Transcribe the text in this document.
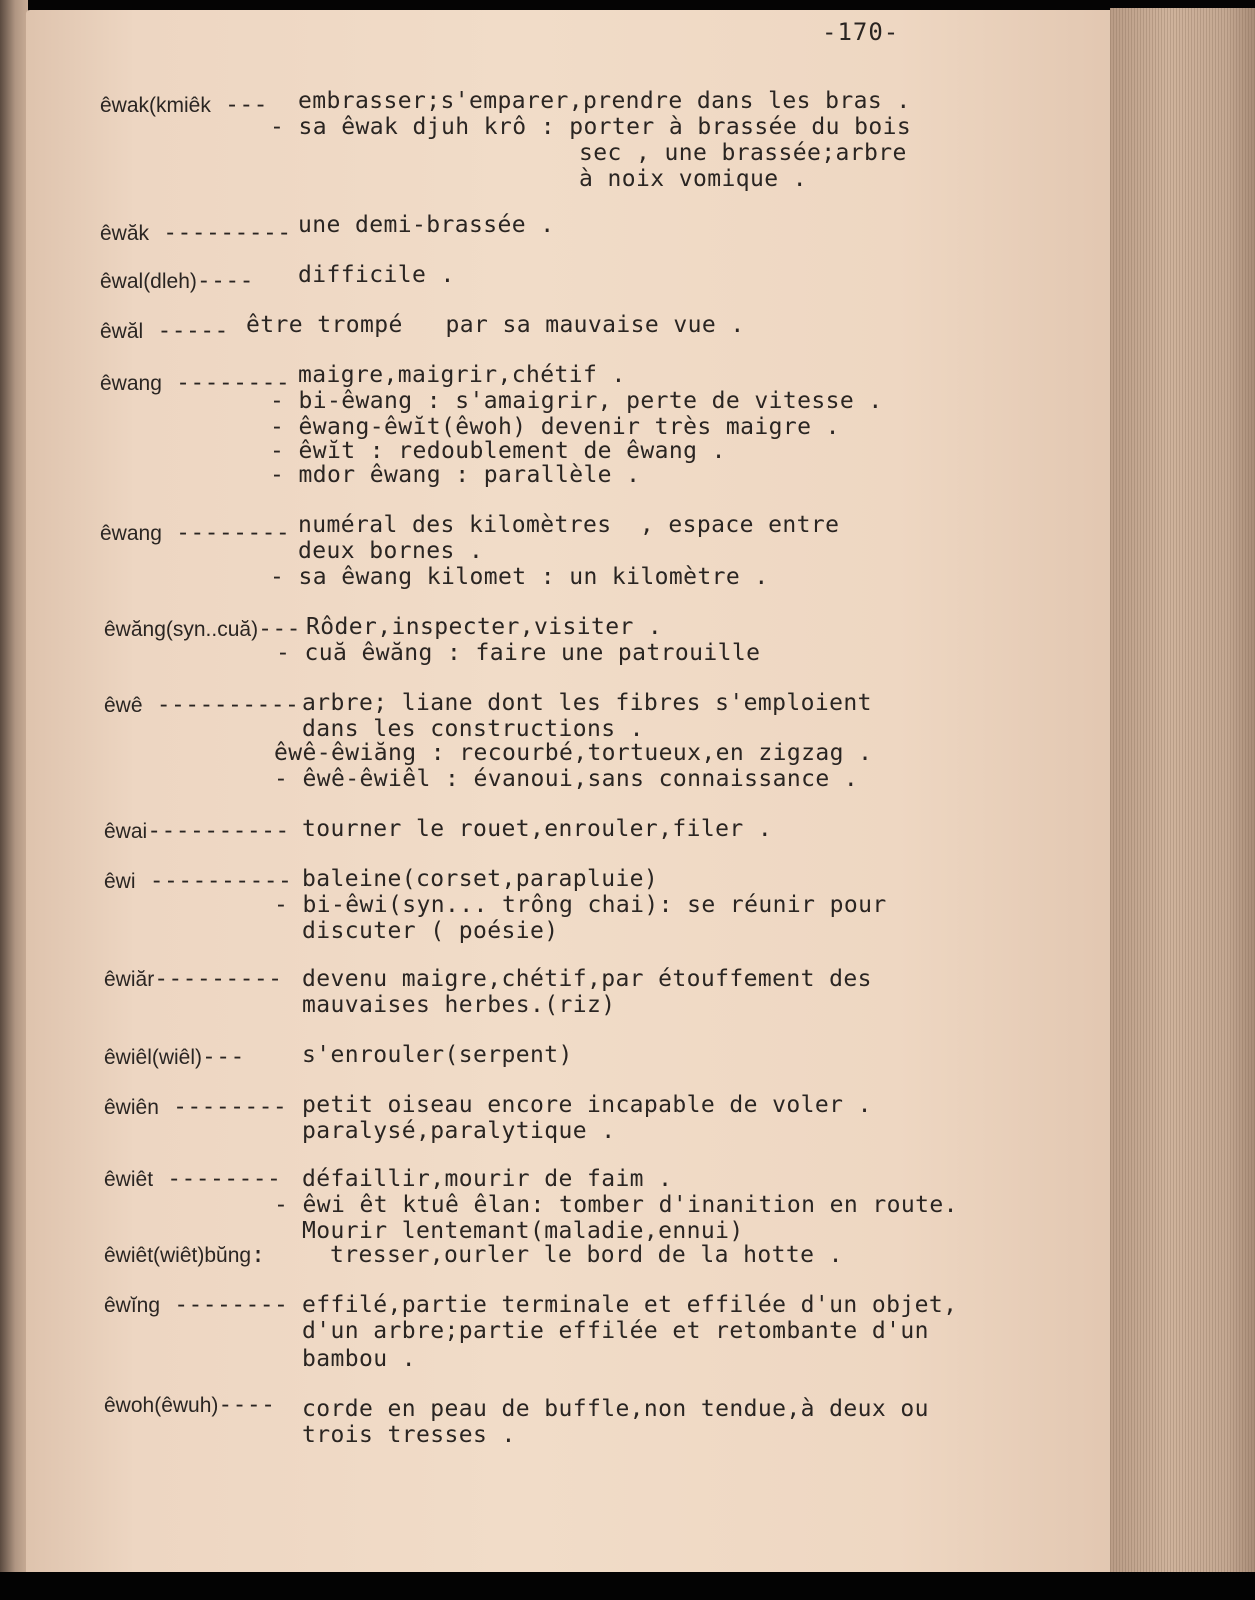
-170-
êwak(kmiêk --- embrasser;s'emparer,prendre dans les bras .
- sa êwak djuh krô : porter à brassée du bois
sec , une brassée;arbre
à noix vomique .
êwăk --------- une demi-brassée .
êwal(dleh)---- difficile .
êwăl ----- être trompé   par sa mauvaise vue .
êwang -------- maigre,maigrir,chétif .
- bi-êwang : s'amaigrir, perte de vitesse .
- êwang-êwĭt(êwoh) devenir très maigre .
- êwĭt : redoublement de êwang .
- mdor êwang : parallèle .
êwang -------- numéral des kilomètres  , espace entre
deux bornes .
- sa êwang kilomet : un kilomètre .
êwăng(syn..cuă)--- Rôder,inspecter,visiter .
- cuă êwăng : faire une patrouille
êwê ---------- arbre; liane dont les fibres s'emploient
dans les constructions .
êwê-êwiăng : recourbé,tortueux,en zigzag .
- êwê-êwiêl : évanoui,sans connaissance .
êwai---------- tourner le rouet,enrouler,filer .
êwi ---------- baleine(corset,parapluie)
- bi-êwi(syn... trông chai): se réunir pour
discuter ( poésie)
êwiăr--------- devenu maigre,chétif,par étouffement des
mauvaises herbes.(riz)
êwiêl(wiêl)--- s'enrouler(serpent)
êwiên -------- petit oiseau encore incapable de voler .
paralysé,paralytique .
êwiêt -------- défaillir,mourir de faim .
- êwi êt ktuê êlan: tomber d'inanition en route.
Mourir lentemant(maladie,ennui)
êwiêt(wiêt)bŭng:	tresser,ourler le bord de la hotte .
êwĭng -------- effilé,partie terminale et effilée d'un objet,
d'un arbre;partie effilée et retombante d'un
bambou .
êwoh(êwuh)---- corde en peau de buffle,non tendue,à deux ou
trois tresses .
